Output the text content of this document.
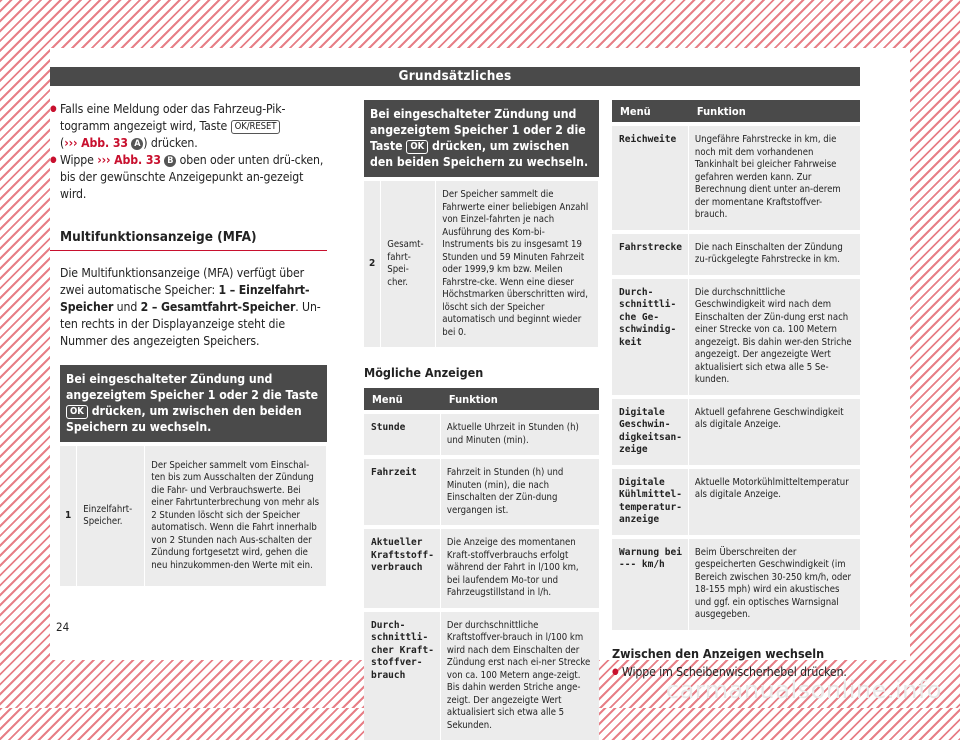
Grundsätzliches

● Falls eine Meldung oder das Fahrzeug-Pik-togramm angezeigt wird, Taste OK/RESET
(››› Abb. 33 A ) drücken.

● Wippe ››› Abb. 33 B oben oder unten drü-cken, bis der gewünschte Anzeigepunkt an-gezeigt wird.

Multifunktionsanzeige (MFA)

Die Multifunktionsanzeige (MFA) verfügt über zwei automatische Speicher: 1 – Einzelfahrt-Speicher und 2 – Gesamtfahrt-Speicher. Un-ten rechts in der Displayanzeige steht die Nummer des angezeigten Speichers.

Bei eingeschalteter Zündung und angezeigtem Speicher 1 oder 2 die Taste OK drücken, um zwischen den beiden Speichern zu wechseln.
1	Einzelfahrt-Speicher.	Der Speicher sammelt vom Einschal-ten bis zum Ausschalten der Zündung die Fahr- und Verbrauchswerte. Bei einer Fahrtunterbrechung von mehr als 2 Stunden löscht sich der Speicher automatisch. Wenn die Fahrt innerhalb von 2 Stunden nach Aus-schalten der Zündung fortgesetzt wird, gehen die neu hinzukommen-den Werte mit ein.
Bei eingeschalteter Zündung und angezeigtem Speicher 1 oder 2 die Taste OK drücken, um zwischen den beiden Speichern zu wechseln.
2	Gesamt-fahrt-Spei-cher.	Der Speicher sammelt die Fahrwerte einer beliebigen Anzahl von Einzel-fahrten je nach Ausführung des Kom-bi-Instruments bis zu insgesamt 19 Stunden und 59 Minuten Fahrzeit oder 1999,9 km bzw. Meilen Fahrstre-cke. Wenn eine dieser Höchstmarken überschritten wird, löscht sich der Speicher automatisch und beginnt wieder bei 0.
Mögliche Anzeigen
Menü	Funktion
Stunde	Aktuelle Uhrzeit in Stunden (h) und Minuten (min).
Fahrzeit	Fahrzeit in Stunden (h) und Minuten (min), die nach Einschalten der Zün-dung vergangen ist.
Aktueller Kraftstoff-verbrauch	Die Anzeige des momentanen Kraft-stoffverbrauchs erfolgt während der Fahrt in l/100 km, bei laufendem Mo-tor und Fahrzeugstillstand in l/h.
Durch-schnittli-cher Kraft-stoffver-brauch	Der durchschnittliche Kraftstoffver-brauch in l/100 km wird nach dem Einschalten der Zündung erst nach ei-ner Strecke von ca. 100 Metern ange-zeigt. Bis dahin werden Striche ange-zeigt. Der angezeigte Wert aktualisiert sich etwa alle 5 Sekunden.
Menü	Funktion
Reichweite	Ungefähre Fahrstrecke in km, die noch mit dem vorhandenen Tankinhalt bei gleicher Fahrweise gefahren werden kann. Zur Berechnung dient unter an-derem der momentane Kraftstoffver-brauch.
Fahrstrecke	Die nach Einschalten der Zündung zu-rückgelegte Fahrstrecke in km.
Durch-schnittli-che Ge-schwindig-keit	Die durchschnittliche Geschwindigkeit wird nach dem Einschalten der Zün-dung erst nach einer Strecke von ca. 100 Metern angezeigt. Bis dahin wer-den Striche angezeigt. Der angezeigte Wert aktualisiert sich etwa alle 5 Se-kunden.
Digitale Geschwin-digkeitsan-zeige	Aktuell gefahrene Geschwindigkeit als digitale Anzeige.
Digitale Kühlmittel-temperatur-anzeige	Aktuelle Motorkühlmitteltemperatur als digitale Anzeige.
Warnung bei --- km/h	Beim Überschreiten der gespeicherten Geschwindigkeit (im Bereich zwischen 30-250 km/h, oder 18-155 mph) wird ein akustisches und ggf. ein optisches Warnsignal ausgegeben.
Zwischen den Anzeigen wechseln

● Wippe im Scheibenwischerhebel drücken.

24
carmanualsonline.info
